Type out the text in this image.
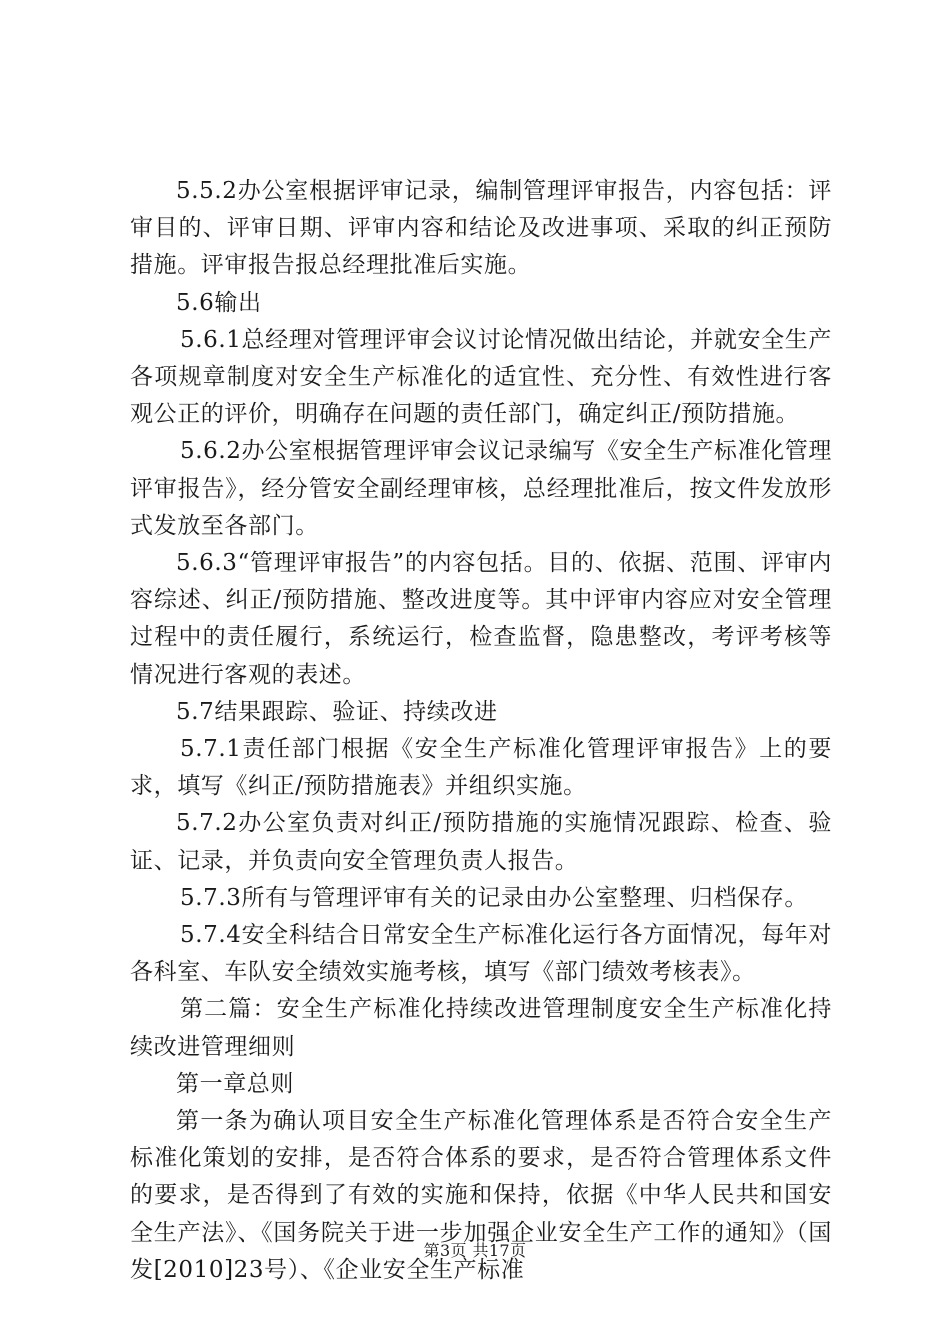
5.5.2办公室根据评审记录，编制管理评审报告，内容包括：评审目的、评审日期、评审内容和结论及改进事项、采取的纠正预防措施。评审报告报总经理批准后实施。

5.6输出

5.6.1总经理对管理评审会议讨论情况做出结论，并就安全生产各项规章制度对安全生产标准化的适宜性、充分性、有效性进行客观公正的评价，明确存在问题的责任部门，确定纠正/预防措施。

5.6.2办公室根据管理评审会议记录编写《安全生产标准化管理评审报告》，经分管安全副经理审核，总经理批准后，按文件发放形式发放至各部门。

5.6.3“管理评审报告”的内容包括。目的、依据、范围、评审内容综述、纠正/预防措施、整改进度等。其中评审内容应对安全管理过程中的责任履行，系统运行，检查监督，隐患整改，考评考核等情况进行客观的表述。

5.7结果跟踪、验证、持续改进

5.7.1责任部门根据《安全生产标准化管理评审报告》上的要求，填写《纠正/预防措施表》并组织实施。

5.7.2办公室负责对纠正/预防措施的实施情况跟踪、检查、验证、记录，并负责向安全管理负责人报告。

5.7.3所有与管理评审有关的记录由办公室整理、归档保存。

5.7.4安全科结合日常安全生产标准化运行各方面情况，每年对各科室、车队安全绩效实施考核，填写《部门绩效考核表》。

第二篇：安全生产标准化持续改进管理制度安全生产标准化持续改进管理细则

第一章总则

第一条为确认项目安全生产标准化管理体系是否符合安全生产标准化策划的安排，是否符合体系的要求，是否符合管理体系文件的要求，是否得到了有效的实施和保持，依据《中华人民共和国安全生产法》、《国务院关于进一步加强企业安全生产工作的通知》（国发[2010]23号）、《企业安全生产标准

第3页 共17页
